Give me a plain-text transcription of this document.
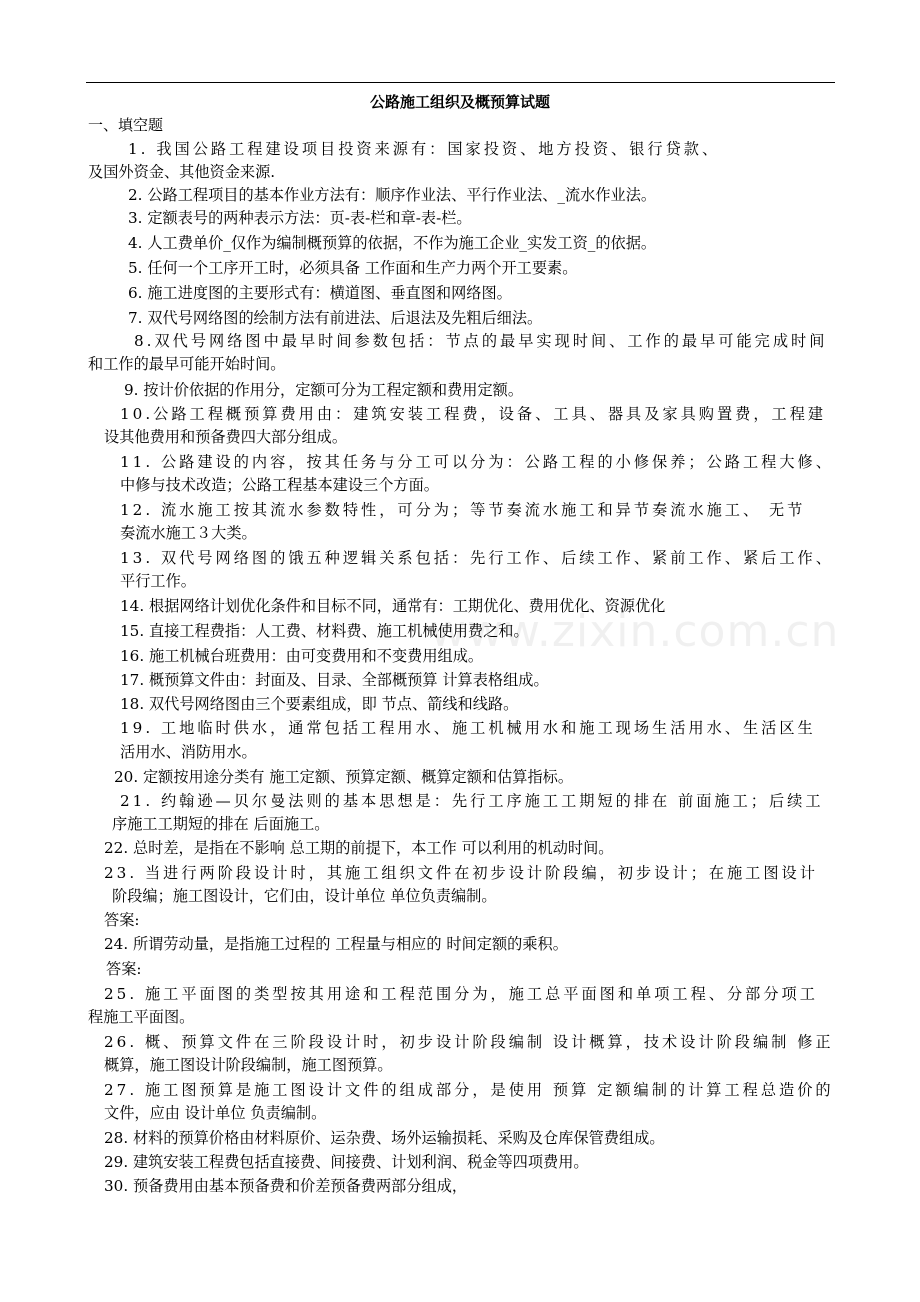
公路施工组织及概预算试题
一、填空题
www.zixin.com.cn
1. 我国公路工程建设项目投资来源有：国家投资、地方投资、银行贷款、
及国外资金、其他资金来源.
2. 公路工程项目的基本作业方法有：顺序作业法、平行作业法、_流水作业法。
3. 定额表号的两种表示方法：页-表-栏和章-表-栏。
4. 人工费单价_仅作为编制概预算的依据，不作为施工企业_实发工资_的依据。
5. 任何一个工序开工时，必须具备 工作面和生产力两个开工要素。
6. 施工进度图的主要形式有：横道图、垂直图和网络图。
7. 双代号网络图的绘制方法有前进法、后退法及先粗后细法。
8.双代号网络图中最早时间参数包括：节点的最早实现时间、工作的最早可能完成时间
和工作的最早可能开始时间。
9. 按计价依据的作用分，定额可分为工程定额和费用定额。
10.公路工程概预算费用由：建筑安装工程费，设备、工具、器具及家具购置费，工程建
设其他费用和预备费四大部分组成。
11. 公路建设的内容，按其任务与分工可以分为：公路工程的小修保养；公路工程大修、
中修与技术改造；公路工程基本建设三个方面。
12. 流水施工按其流水参数特性，可分为；等节奏流水施工和异节奏流水施工、 无节
奏流水施工３大类。
13. 双代号网络图的饿五种逻辑关系包括：先行工作、后续工作、紧前工作、紧后工作、
平行工作。
14. 根据网络计划优化条件和目标不同，通常有：工期优化、费用优化、资源优化
15. 直接工程费指：人工费、材料费、施工机械使用费之和。
16. 施工机械台班费用：由可变费用和不变费用组成。
17. 概预算文件由：封面及、目录、全部概预算 计算表格组成。
18. 双代号网络图由三个要素组成，即 节点、箭线和线路。
19. 工地临时供水，通常包括工程用水、施工机械用水和施工现场生活用水、生活区生
活用水、消防用水。
20. 定额按用途分类有 施工定额、预算定额、概算定额和估算指标。
21. 约翰逊—贝尔曼法则的基本思想是：先行工序施工工期短的排在 前面施工；后续工
序施工工期短的排在 后面施工。
22. 总时差，是指在不影响 总工期的前提下，本工作 可以利用的机动时间。
23. 当进行两阶段设计时，其施工组织文件在初步设计阶段编，初步设计；在施工图设计
阶段编；施工图设计，它们由，设计单位 单位负责编制。
答案:
24. 所谓劳动量，是指施工过程的 工程量与相应的 时间定额的乘积。
答案:
25. 施工平面图的类型按其用途和工程范围分为，施工总平面图和单项工程、分部分项工
程施工平面图。
26. 概、预算文件在三阶段设计时，初步设计阶段编制 设计概算，技术设计阶段编制 修正
概算，施工图设计阶段编制，施工图预算。
27. 施工图预算是施工图设计文件的组成部分，是使用 预算 定额编制的计算工程总造价的
文件，应由 设计单位 负责编制。
28. 材料的预算价格由材料原价、运杂费、场外运输损耗、采购及仓库保管费组成。
29. 建筑安装工程费包括直接费、间接费、计划利润、税金等四项费用。
30. 预备费用由基本预备费和价差预备费两部分组成，
